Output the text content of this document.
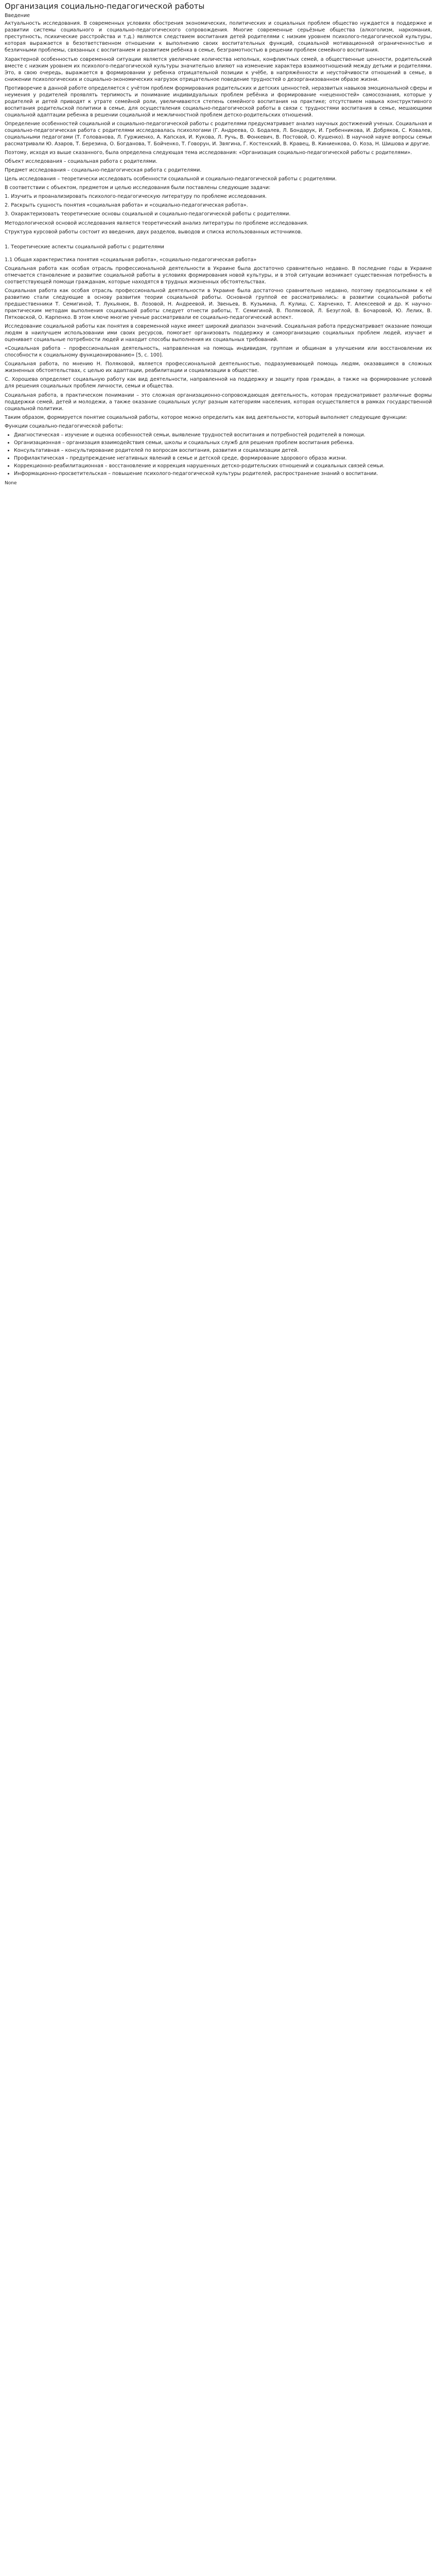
Организация социально-педагогической работы
Введение

Актуальность исследования. В современных условиях обострения экономических, политических и социальных проблем общество нуждается в поддержке и развитии системы социального и социально-педагогического сопровождения. Многие современные серьёзные общества (алкоголизм, наркомания, преступность, психические расстройства и т.д.) являются следствием воспитания детей родителями с низким уровнем психолого-педагогической культуры, которая выражается в безответственном отношении к выполнению своих воспитательных функций, социальной мотивационной ограниченностью и безличными проблемы, связанных с воспитанием и развитием ребёнка в семье, безграмотностью в решении проблем семейного воспитания.

Характерной особенностью современной ситуации является увеличение количества неполных, конфликтных семей, а общественные ценности, родительский вместе с низким уровнем их психолого-педагогической культуры значительно влияют на изменение характера взаимоотношений между детьми и родителями. Это, в свою очередь, выражается в формировании у ребенка отрицательной позиции к учёбе, в напряжённости и неустойчивости отношений в семье, в снижении психологических и социально-экономических нагрузок отрицательное поведение трудностей о дезорганизованном образе жизни.

Противоречие в данной работе определяется с учётом проблем формирования родительских и детских ценностей, неразвитых навыков эмоциональной сферы и неумения у родителей проявлять терпимость и понимание индивидуальных проблем ребёнка и формирование «неценностей» самосознания, которые у родителей и детей приводят к утрате семейной роли, увеличиваются степень семейного воспитания на практике; отсутствием навыка конструктивного воспитания родительской политики в семье, для осуществления социально-педагогической работы в связи с трудностями воспитания в семье, мешающими социальной адаптации ребенка в решении социальной и межличностной проблем детско-родительских отношений.

Определение особенностей социальной и социально-педагогической работы с родителями предусматривает анализ научных достижений ученых. Социальная и социально-педагогическая работа с родителями исследовалась психологами (Г. Андреева, О. Бодалев, Л. Бондарук, И. Гребенникова, И. Добряков, С. Ковалев, социальными педагогами (Т. Голованова, Л. Гуржиенко, А. Капская, И. Кукова, Л. Ручь, В. Фонкевич, В. Постовой, О. Кушенко). В научной науке вопросы семьи рассматривали Ю. Азаров, Т. Березина, О. Богданова, Т. Бойченко, Т. Говорун, И. Звягина, Г. Костенский, В. Кравец, В. Киниенкова, О. Коза, Н. Шишова и другие.

Поэтому, исходя из выше сказанного, была определена следующая тема исследования: «Организация социально-педагогической работы с родителями».

Объект исследования – социальная работа с родителями.

Предмет исследования – социально-педагогическая работа с родителями.

Цель исследования – теоретически исследовать особенности социальной и социально-педагогической работы с родителями.

В соответствии с объектом, предметом и целью исследования были поставлены следующие задачи:

1. Изучить и проанализировать психолого-педагогическую литературу по проблеме исследования.

2. Раскрыть сущность понятия «социальная работа» и «социально-педагогическая работа».

3. Охарактеризовать теоретические основы социальной и социально-педагогической работы с родителями.

Методологической основой исследования является теоретический анализ литературы по проблеме исследования.

Структура курсовой работы состоит из введения, двух разделов, выводов и списка использованных источников.

1. Теоретические аспекты социальной работы с родителями

1.1 Общая характеристика понятия «социальная работа», «социально-педагогическая работа»

Социальная работа как особая отрасль профессиональной деятельности в Украине была достаточно сравнительно недавно. В последние годы в Украине отмечается становление и развитие социальной работы в условиях формирования новой культуры, и в этой ситуации возникает существенная потребность в соответствующей помощи гражданам, которые находятся в трудных жизненных обстоятельствах.

Социальная работа как особая отрасль профессиональной деятельности в Украине была достаточно сравнительно недавно, поэтому предпосылками к её развитию стали следующие в основу развития теории социальной работы. Основной группой ее рассматривались: в развитии социальной работы предшественники Т. Семигиной, Т. Лукьянюк, В. Лозовой, Н. Андреевой, И. Звеньев, В. Кузьмина, Л. Кулиш, С. Харченко, Т. Алексеевой и др. К научно-практическим методам выполнения социальной работы следует отнести работы, Т. Семигиной, В. Поляковой, Л. Безуглой, В. Бочаровой, Ю. Лелих, В. Пятковской, О. Карпенко. В этом ключе многие ученые рассматривали ее социально-педагогический аспект.

Исследование социальной работы как понятия в современной науке имеет широкий диапазон значений. Социальная работа предусматривает оказание помощи людям в наилучшем использовании ими своих ресурсов, помогает организовать поддержку и самоорганизацию социальных проблем людей, изучает и оценивает социальные потребности людей и находит способы выполнения их социальных требований.

«Социальная работа – профессиональная деятельность, направленная на помощь индивидам, группам и общинам в улучшении или восстановлении их способности к социальному функционированию» [5, с. 100].

Социальная работа, по мнению Н. Поляковой, является профессиональной деятельностью, подразумевающей помощь людям, оказавшимся в сложных жизненных обстоятельствах, с целью их адаптации, реабилитации и социализации в обществе.

С. Хорошева определяет социальную работу как вид деятельности, направленной на поддержку и защиту прав граждан, а также на формирование условий для решения социальных проблем личности, семьи и общества.

Социальная работа, в практическом понимании – это сложная организационно-сопровождающая деятельность, которая предусматривает различные формы поддержки семей, детей и молодежи, а также оказание социальных услуг разным категориям населения, которая осуществляется в рамках государственной социальной политики.

Таким образом, формируется понятие социальной работы, которое можно определить как вид деятельности, который выполняет следующие функции:

Функции социально-педагогической работы:

• Диагностическая – изучение и оценка особенностей семьи, выявление трудностей воспитания и потребностей родителей в помощи.
• Организационная – организация взаимодействия семьи, школы и социальных служб для решения проблем воспитания ребенка.
• Консультативная – консультирование родителей по вопросам воспитания, развития и социализации детей.
• Профилактическая – предупреждение негативных явлений в семье и детской среде, формирование здорового образа жизни.
• Коррекционно-реабилитационная – восстановление и коррекция нарушенных детско-родительских отношений и социальных связей семьи.
• Информационно-просветительская – повышение психолого-педагогической культуры родителей, распространение знаний о воспитании.
None
